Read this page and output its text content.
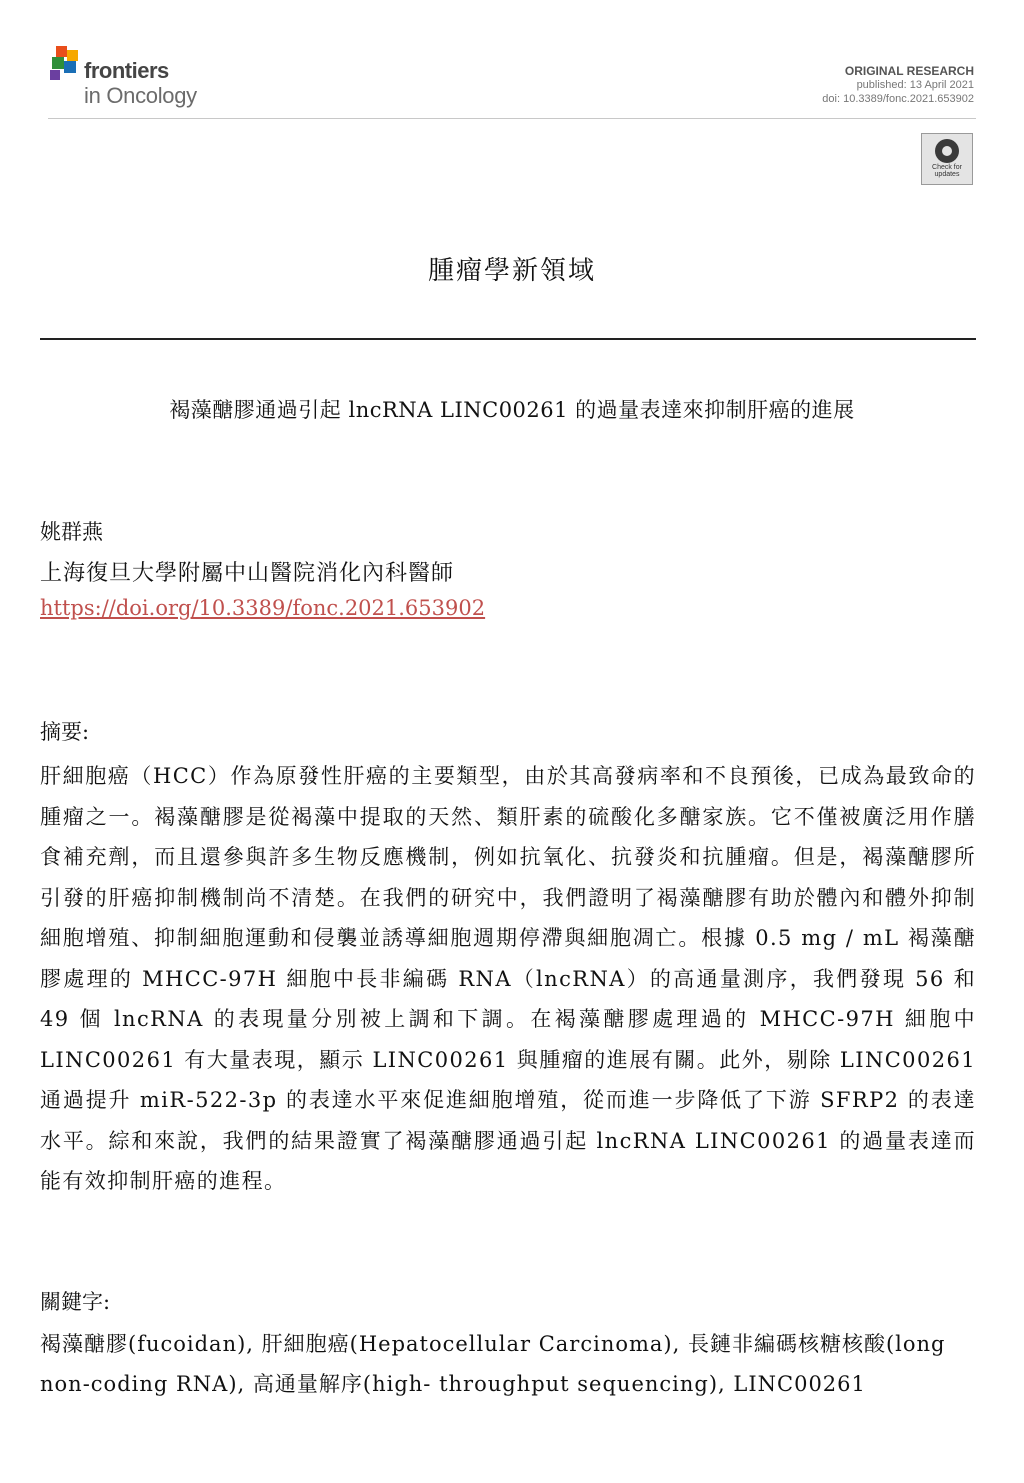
frontiers
in Oncology
ORIGINAL RESEARCH
published: 13 April 2021
doi: 10.3389/fonc.2021.653902
Check for updates
腫瘤學新領域
褐藻醣膠通過引起 lncRNA LINC00261 的過量表達來抑制肝癌的進展
姚群燕
上海復旦大學附屬中山醫院消化內科醫師
https://doi.org/10.3389/fonc.2021.653902
摘要:
肝細胞癌（HCC）作為原發性肝癌的主要類型，由於其高發病率和不良預後，已成為最致命的腫瘤之一。褐藻醣膠是從褐藻中提取的天然、類肝素的硫酸化多醣家族。它不僅被廣泛用作膳食補充劑，而且還參與許多生物反應機制，例如抗氧化、抗發炎和抗腫瘤。但是，褐藻醣膠所引發的肝癌抑制機制尚不清楚。在我們的研究中，我們證明了褐藻醣膠有助於體內和體外抑制細胞增殖、抑制細胞運動和侵襲並誘導細胞週期停滯與細胞凋亡。根據 0.5 mg / mL 褐藻醣膠處理的 MHCC-97H 細胞中長非編碼 RNA（lncRNA）的高通量測序，我們發現 56 和 49 個 lncRNA 的表現量分別被上調和下調。在褐藻醣膠處理過的 MHCC-97H 細胞中 LINC00261 有大量表現，顯示 LINC00261 與腫瘤的進展有關。此外，剔除 LINC00261 通過提升 miR-522-3p 的表達水平來促進細胞增殖，從而進一步降低了下游 SFRP2 的表達水平。綜和來說，我們的結果證實了褐藻醣膠通過引起 lncRNA LINC00261 的過量表達而能有效抑制肝癌的進程。
關鍵字:
褐藻醣膠(fucoidan), 肝細胞癌(Hepatocellular Carcinoma), 長鏈非編碼核糖核酸(long non-coding RNA), 高通量解序(high- throughput sequencing), LINC00261
